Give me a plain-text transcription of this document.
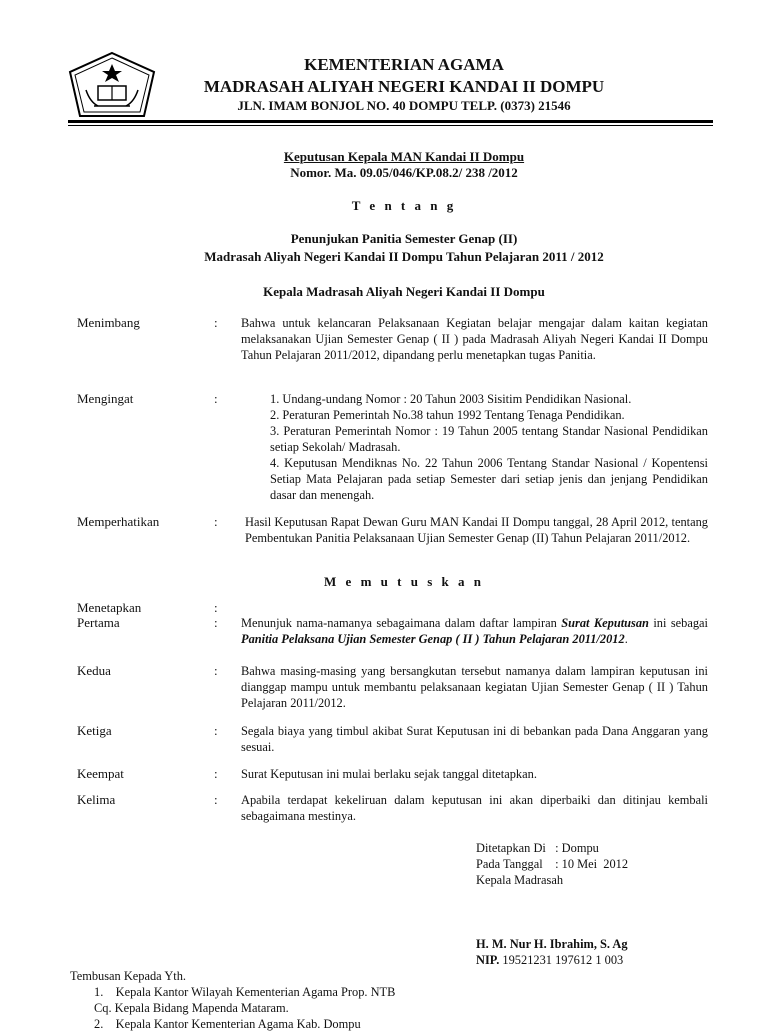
KEMENTERIAN AGAMA
MADRASAH ALIYAH NEGERI KANDAI II DOMPU
JLN. IMAM BONJOL NO. 40 DOMPU TELP. (0373) 21546
Keputusan Kepala MAN Kandai II Dompu
Nomor. Ma. 09.05/046/KP.08.2/ 238 /2012
T e n t a n g
Penunjukan Panitia Semester Genap (II)
Madrasah Aliyah Negeri Kandai II Dompu Tahun Pelajaran 2011 / 2012
Kepala Madrasah Aliyah Negeri Kandai II Dompu
Menimbang	: Bahwa untuk kelancaran Pelaksanaan Kegiatan belajar mengajar dalam kaitan kegiatan melaksanakan Ujian Semester Genap ( II ) pada Madrasah Aliyah Negeri Kandai II Dompu Tahun Pelajaran 2011/2012, dipandang perlu menetapkan tugas Panitia.
Mengingat	:	1. Undang-undang Nomor : 20 Tahun 2003 Sisitim Pendidikan Nasional.
2. Peraturan Pemerintah No.38 tahun 1992 Tentang Tenaga Pendidikan.
3. Peraturan Pemerintah Nomor : 19 Tahun 2005 tentang Standar Nasional Pendidikan setiap Sekolah/ Madrasah.
4. Keputusan Mendiknas No. 22 Tahun 2006 Tentang Standar Nasional / Kopentensi Setiap Mata Pelajaran pada setiap Semester dari setiap jenis dan jenjang Pendidikan dasar dan menengah.
Memperhatikan	: Hasil Keputusan Rapat Dewan Guru MAN Kandai II Dompu tanggal, 28 April 2012, tentang Pembentukan Panitia Pelaksanaan Ujian Semester Genap (II) Tahun Pelajaran 2011/2012.
M e m u t u s k a n
Menetapkan	:
Pertama	: Menunjuk nama-namanya sebagaimana dalam daftar lampiran Surat Keputusan ini sebagai Panitia Pelaksana Ujian Semester Genap ( II ) Tahun Pelajaran 2011/2012.
Kedua	: Bahwa masing-masing yang bersangkutan tersebut namanya dalam lampiran keputusan ini dianggap mampu untuk membantu pelaksanaan kegiatan Ujian Semester Genap ( II ) Tahun Pelajaran 2011/2012.
Ketiga	: Segala biaya yang timbul akibat Surat Keputusan ini di bebankan pada Dana Anggaran yang sesuai.
Keempat	: Surat Keputusan ini mulai berlaku sejak tanggal ditetapkan.
Kelima	: Apabila terdapat kekeliruan dalam keputusan ini akan diperbaiki dan ditinjau kembali sebagaimana mestinya.
Ditetapkan Di   : Dompu
Pada Tanggal    : 10 Mei  2012
Kepala Madrasah
H. M. Nur H. Ibrahim, S. Ag
NIP. 19521231 197612 1 003
Tembusan Kepada Yth.
1.    Kepala Kantor Wilayah Kementerian Agama Prop. NTB
Cq. Kepala Bidang Mapenda Mataram.
2.    Kepala Kantor Kementerian Agama Kab. Dompu
